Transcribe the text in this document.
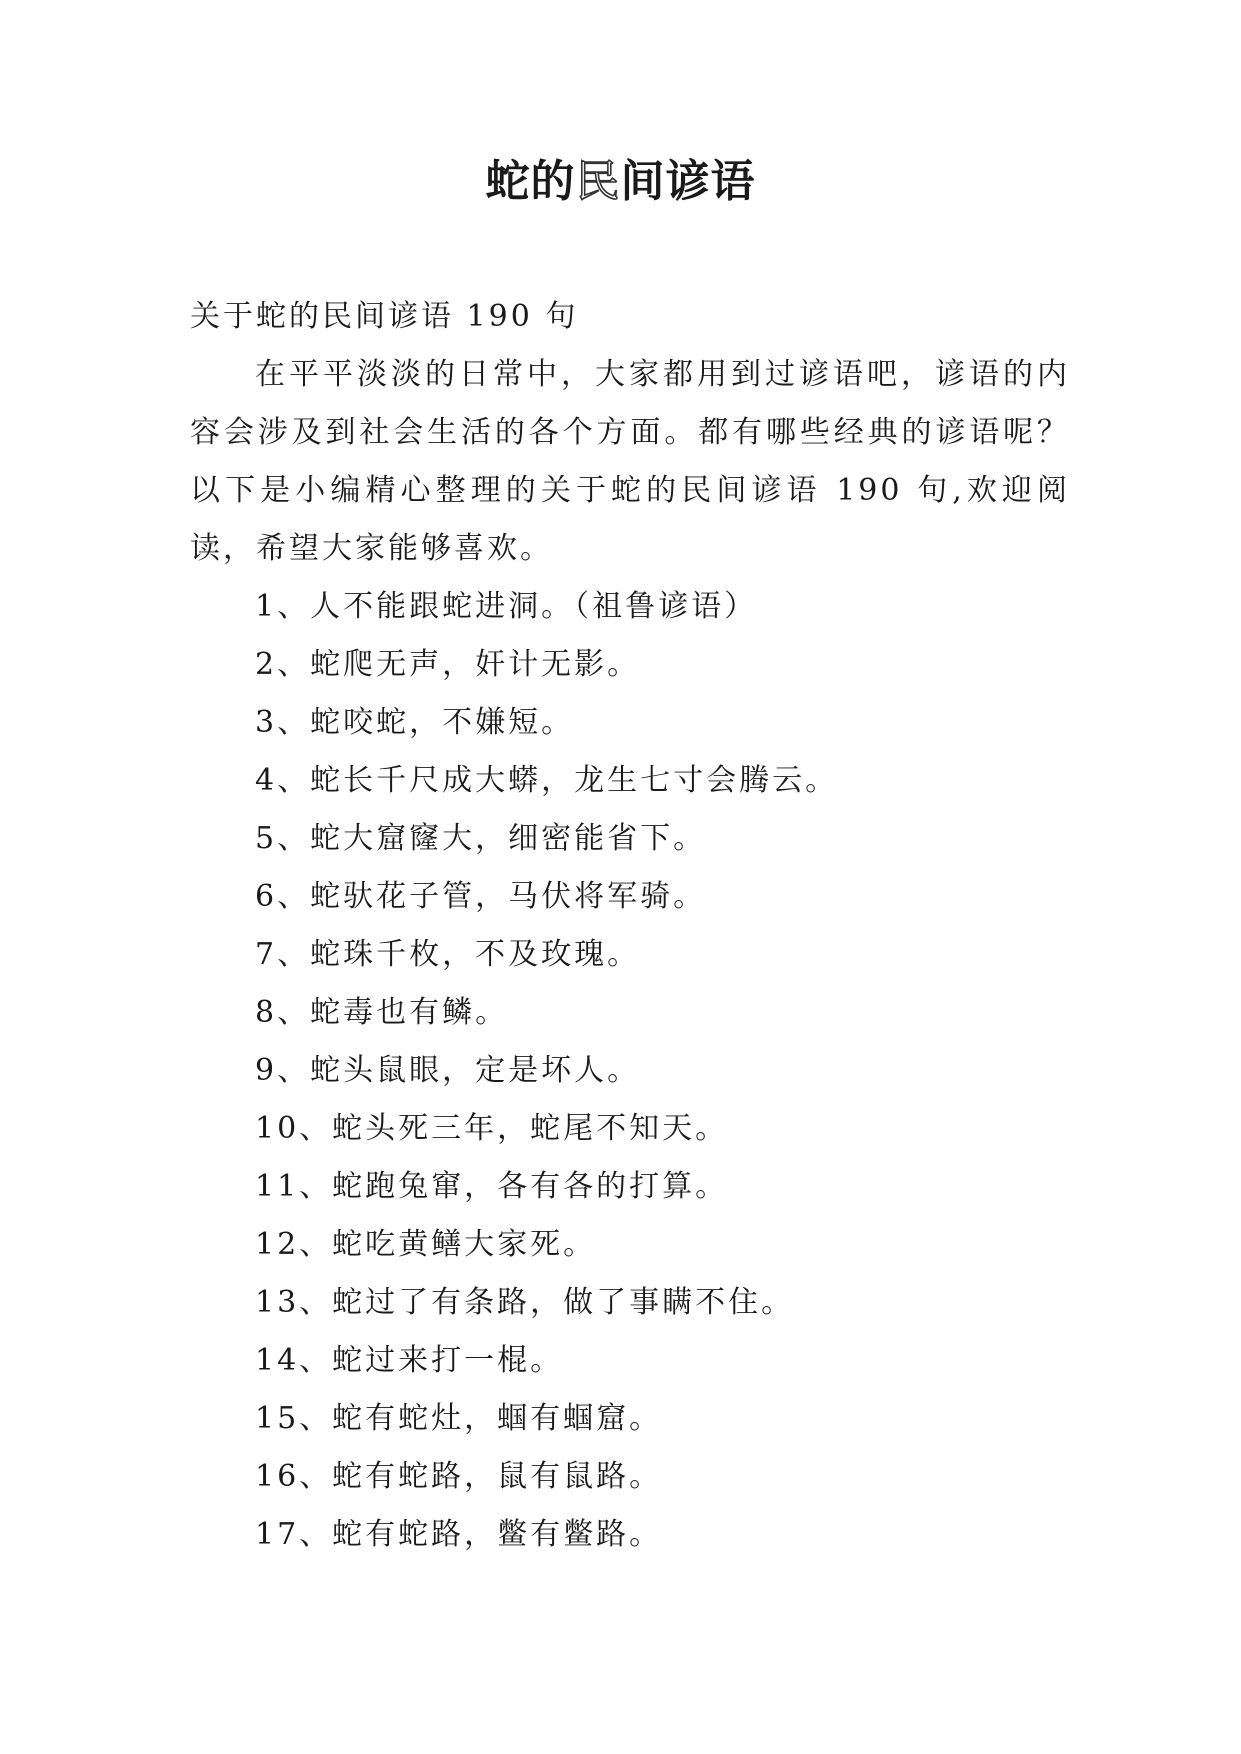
蛇的民间谚语

关于蛇的民间谚语 190 句

在平平淡淡的日常中，大家都用到过谚语吧，谚语的内容会涉及到社会生活的各个方面。都有哪些经典的谚语呢？以下是小编精心整理的关于蛇的民间谚语 190 句,欢迎阅读，希望大家能够喜欢。

1、人不能跟蛇进洞。（祖鲁谚语）
2、蛇爬无声，奸计无影。
3、蛇咬蛇，不嫌短。
4、蛇长千尺成大蟒，龙生七寸会腾云。
5、蛇大窟窿大，细密能省下。
6、蛇驮花子管，马伏将军骑。
7、蛇珠千枚，不及玫瑰。
8、蛇毒也有鳞。
9、蛇头鼠眼，定是坏人。
10、蛇头死三年，蛇尾不知天。
11、蛇跑兔窜，各有各的打算。
12、蛇吃黄鳝大家死。
13、蛇过了有条路，做了事瞒不住。
14、蛇过来打一棍。
15、蛇有蛇灶，蝈有蝈窟。
16、蛇有蛇路，鼠有鼠路。
17、蛇有蛇路，鳖有鳖路。
